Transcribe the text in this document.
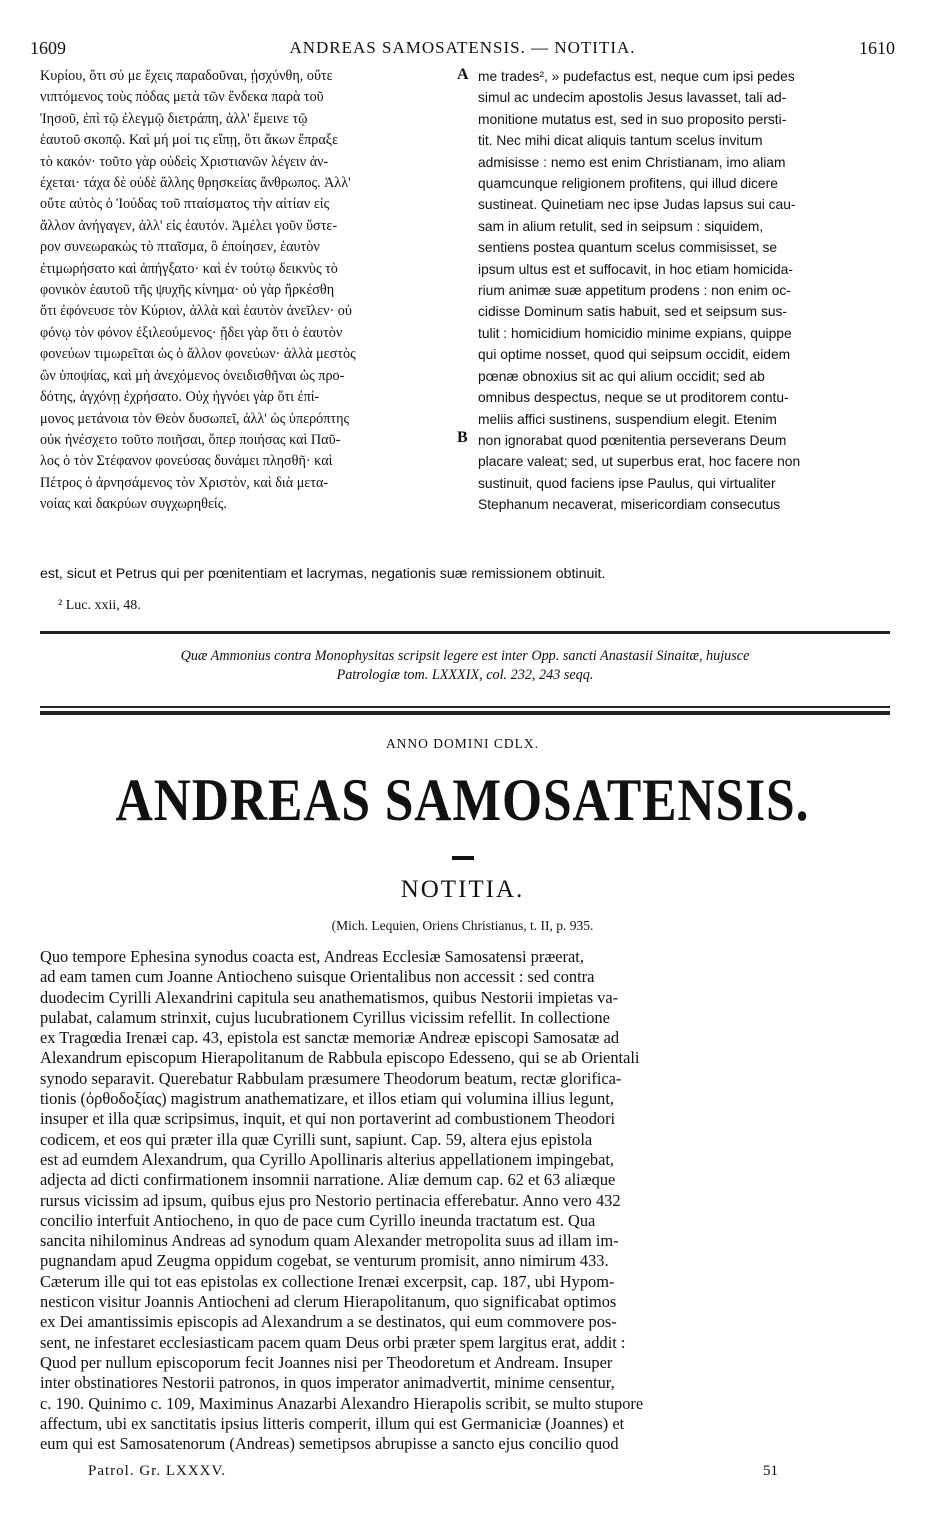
1609	ANDREAS SAMOSATENSIS. — NOTITIA.	1610
Κυρίου, ὅτι σύ με ἔχεις παραδοῦναι, ᾐσχύνθη, οὔτε
νιπτόμενος τοὺς πόδας μετὰ τῶν ἕνδεκα παρὰ τοῦ
Ἰησοῦ, ἐπὶ τῷ ἐλεγμῷ διετράπη, ἀλλ' ἔμεινε τῷ
ἑαυτοῦ σκοπῷ. Καὶ μή μοί τις εἴπῃ, ὅτι ἄκων ἔπραξε
τὸ κακόν· τοῦτο γὰρ οὐδεὶς Χριστιανῶν λέγειν ἀν-
έχεται· τάχα δὲ οὐδὲ ἄλλης θρησκείας ἄνθρωπος. Ἀλλ'
οὔτε αὐτὸς ὁ Ἰούδας τοῦ πταίσματος τὴν αἰτίαν εἰς
ἄλλον ἀνήγαγεν, ἀλλ' εἰς ἑαυτόν. Ἀμέλει γοῦν ὕστε-
ρον συνεωρακὼς τὸ πταῖσμα, ὃ ἐποίησεν, ἑαυτὸν
ἐτιμωρήσατο καὶ ἀπήγξατο· καὶ ἐν τούτῳ δεικνὺς τὸ
φονικὸν ἑαυτοῦ τῆς ψυχῆς κίνημα· οὐ γὰρ ἤρκέσθη
ὅτι ἐφόνευσε τὸν Κύριον, ἀλλὰ καὶ ἑαυτὸν ἀνεῖλεν· οὐ
φόνῳ τὸν φόνον ἐξιλεούμενος· ᾔδει γὰρ ὅτι ὁ ἑαυτὸν
φονεύων τιμωρεῖται ὡς ὁ ἄλλον φονεύων· ἀλλὰ μεστὸς
ὢν ὑποψίας, καὶ μὴ ἀνεχόμενος ὀνειδισθῆναι ὡς προ-
δότης, ἀγχόνῃ ἐχρήσατο. Οὐχ ἠγνόει γὰρ ὅτι ἐπί-
μονος μετάνοια τὸν Θεὸν δυσωπεῖ, ἀλλ' ὡς ὑπερόπτης
οὐκ ἠνέσχετο τοῦτο ποιῆσαι, ὅπερ ποιήσας καὶ Παῦ-
λος ὁ τὸν Στέφανον φονεύσας δυνάμει πλησθῆ· καὶ
Πέτρος ὁ ἀρνησάμενος τὸν Χριστὸν, καὶ διὰ μετα-
νοίας καὶ δακρύων συγχωρηθείς.
A
B
me trades², » pudefactus est, neque cum ipsi pedes
simul ac undecim apostolis Jesus lavasset, tali ad-
monitione mutatus est, sed in suo proposito persti-
tit. Nec mihi dicat aliquis tantum scelus invitum
admisisse : nemo est enim Christianam, imo aliam
quamcunque religionem profitens, qui illud dicere
sustineat. Quinetiam nec ipse Judas lapsus sui cau-
sam in alium retulit, sed in seipsum : siquidem,
sentiens postea quantum scelus commisisset, se
ipsum ultus est et suffocavit, in hoc etiam homicida-
rium animæ suæ appetitum prodens : non enim oc-
cidisse Dominum satis habuit, sed et seipsum sus-
tulit : homicidium homicidio minime expians, quippe
qui optime nosset, quod qui seipsum occidit, eidem
pœnæ obnoxius sit ac qui alium occidit; sed ab
omnibus despectus, neque se ut proditorem contu-
meliis affici sustinens, suspendium elegit. Etenim
non ignorabat quod pœnitentia perseverans Deum
placare valeat; sed, ut superbus erat, hoc facere non
sustinuit, quod faciens ipse Paulus, qui virtualiter
Stephanum necaverat, misericordiam consecutus
est, sicut et Petrus qui per pœnitentiam et lacrymas, negationis suæ remissionem obtinuit.
² Luc. xxii, 48.
Quæ Ammonius contra Monophysitas scripsit legere est inter Opp. sancti Anastasii Sinaitæ, hujusce
Patrologiæ tom. LXXXIX, col. 232, 243 seqq.
ANNO DOMINI CDLX.
ANDREAS SAMOSATENSIS.
NOTITIA.
(Mich. Lequien, Oriens Christianus, t. II, p. 935.
Quo tempore Ephesina synodus coacta est, Andreas Ecclesiæ Samosatensi præerat,
ad eam tamen cum Joanne Antiocheno suisque Orientalibus non accessit : sed contra
duodecim Cyrilli Alexandrini capitula seu anathematismos, quibus Nestorii impietas va-
pulabat, calamum strinxit, cujus lucubrationem Cyrillus vicissim refellit. In collectione
ex Tragœdia Irenæi cap. 43, epistola est sanctæ memoriæ Andreæ episcopi Samosatæ ad
Alexandrum episcopum Hierapolitanum de Rabbula episcopo Edesseno, qui se ab Orientali
synodo separavit. Querebatur Rabbulam præsumere Theodorum beatum, rectæ glorifica-
tionis (ὀρθοδοξίας) magistrum anathematizare, et illos etiam qui volumina illius legunt,
insuper et illa quæ scripsimus, inquit, et qui non portaverint ad combustionem Theodori
codicem, et eos qui præter illa quæ Cyrilli sunt, sapiunt. Cap. 59, altera ejus epistola
est ad eumdem Alexandrum, qua Cyrillo Apollinaris alterius appellationem impingebat,
adjecta ad dicti confirmationem insomnii narratione. Aliæ demum cap. 62 et 63 aliæque
rursus vicissim ad ipsum, quibus ejus pro Nestorio pertinacia efferebatur. Anno vero 432
concilio interfuit Antiocheno, in quo de pace cum Cyrillo ineunda tractatum est. Qua
sancita nihilominus Andreas ad synodum quam Alexander metropolita suus ad illam im-
pugnandam apud Zeugma oppidum cogebat, se venturum promisit, anno nimirum 433.
Cæterum ille qui tot eas epistolas ex collectione Irenæi excerpsit, cap. 187, ubi Hypom-
nesticon visitur Joannis Antiocheni ad clerum Hierapolitanum, quo significabat optimos
ex Dei amantissimis episcopis ad Alexandrum a se destinatos, qui eum commovere pos-
sent, ne infestaret ecclesiasticam pacem quam Deus orbi præter spem largitus erat, addit :
Quod per nullum episcoporum fecit Joannes nisi per Theodoretum et Andream. Insuper
inter obstinatiores Nestorii patronos, in quos imperator animadvertit, minime censentur,
c. 190. Quinimo c. 109, Maximinus Anazarbi Alexandro Hierapolis scribit, se multo stupore
affectum, ubi ex sanctitatis ipsius litteris comperit, illum qui est Germaniciæ (Joannes) et
eum qui est Samosatenorum (Andreas) semetipsos abrupisse a sancto ejus concilio quod
Patrol. Gr. LXXXV.	51
